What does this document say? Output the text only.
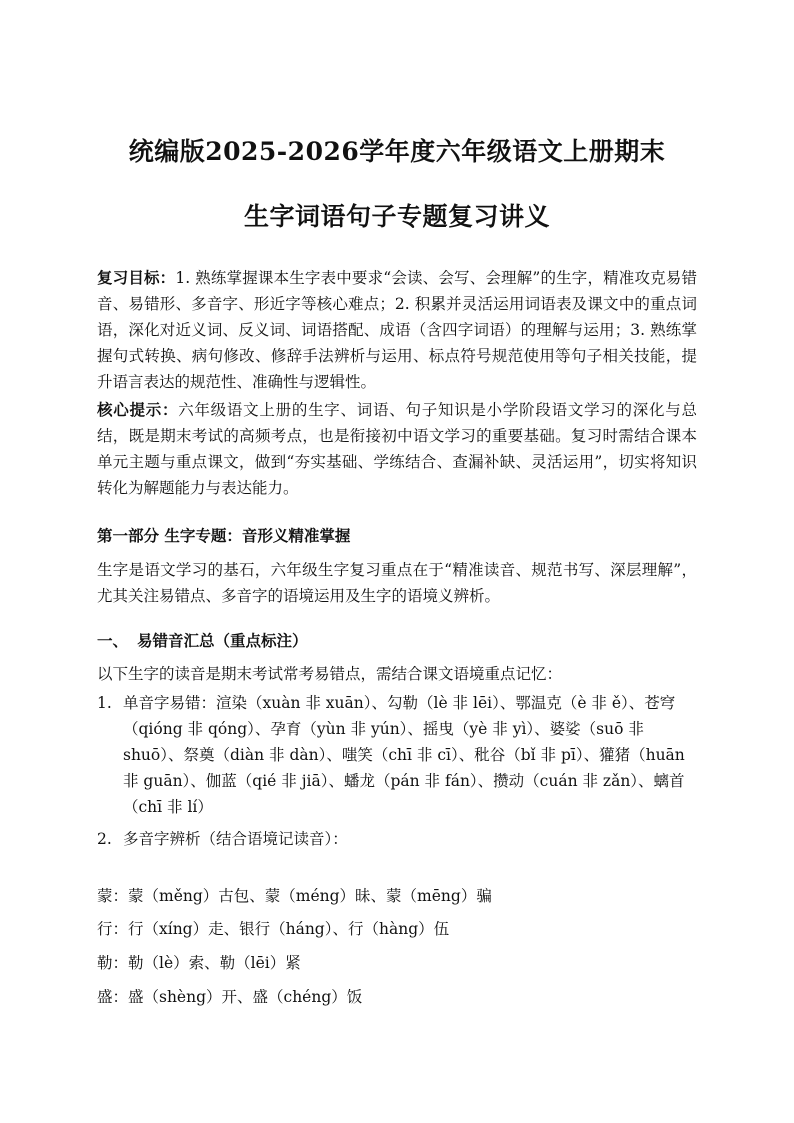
统编版2025-2026学年度六年级语文上册期末
生字词语句子专题复习讲义

复习目标：1. 熟练掌握课本生字表中要求“会读、会写、会理解”的生字，精准攻克易错音、易错形、多音字、形近字等核心难点；2. 积累并灵活运用词语表及课文中的重点词语，深化对近义词、反义词、词语搭配、成语（含四字词语）的理解与运用；3. 熟练掌握句式转换、病句修改、修辞手法辨析与运用、标点符号规范使用等句子相关技能，提升语言表达的规范性、准确性与逻辑性。

核心提示：六年级语文上册的生字、词语、句子知识是小学阶段语文学习的深化与总结，既是期末考试的高频考点，也是衔接初中语文学习的重要基础。复习时需结合课本单元主题与重点课文，做到“夯实基础、学练结合、查漏补缺、灵活运用”，切实将知识转化为解题能力与表达能力。

第一部分 生字专题：音形义精准掌握

生字是语文学习的基石，六年级生字复习重点在于“精准读音、规范书写、深层理解”，尤其关注易错点、多音字的语境运用及生字的语境义辨析。

一、 易错音汇总（重点标注）
以下生字的读音是期末考试常考易错点，需结合课文语境重点记忆：
1. 单音字易错：渲染（xuàn 非 xuān）、勾勒（lè 非 lēi）、鄂温克（è 非 ě）、苍穹（qióng 非 qóng）、孕育（yùn 非 yún）、摇曳（yè 非 yì）、婆娑（suō 非 shuō）、祭奠（diàn 非 dàn）、嗤笑（chī 非 cī）、秕谷（bǐ 非 pī）、獾猪（huān 非 guān）、伽蓝（qié 非 jiā）、蟠龙（pán 非 fán）、攒动（cuán 非 zǎn）、螭首（chī 非 lí）
2. 多音字辨析（结合语境记读音）：
蒙：蒙（měng）古包、蒙（méng）昧、蒙（mēng）骗
行：行（xíng）走、银行（háng）、行（hàng）伍
勒：勒（lè）索、勒（lēi）紧
盛：盛（shèng）开、盛（chéng）饭
